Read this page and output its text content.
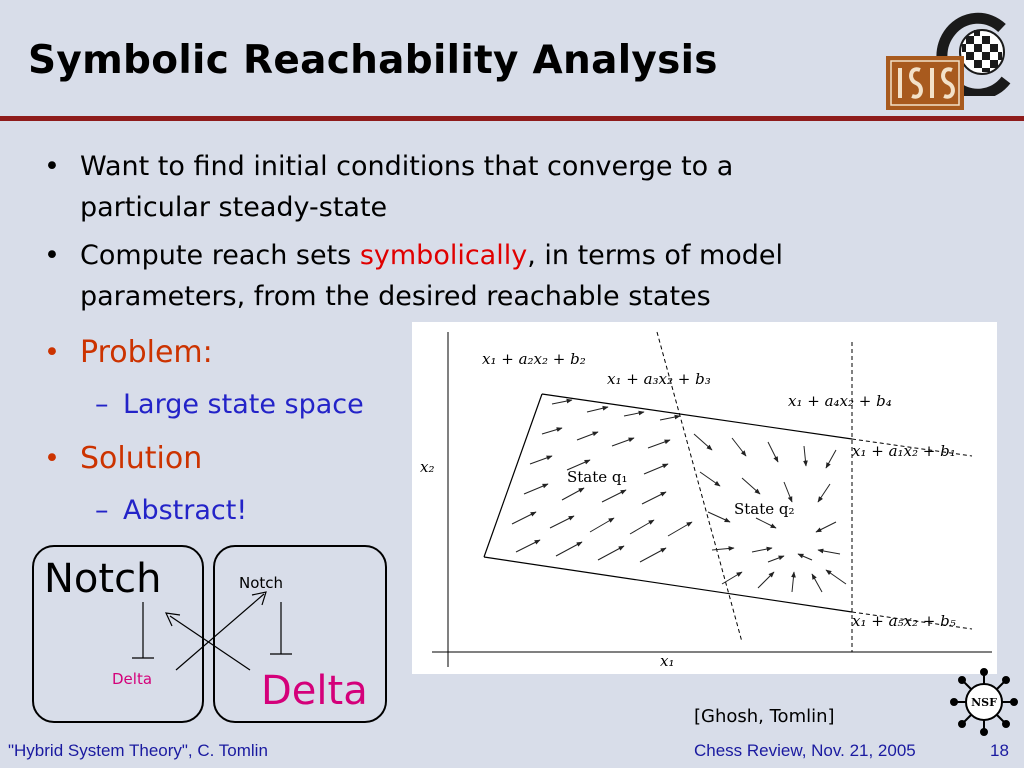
Symbolic Reachability Analysis
• Want to find initial conditions that converge to a
particular steady-state
• Compute reach sets symbolically, in terms of model
parameters, from the desired reachable states
• Problem:
– Large state space
• Solution
– Abstract!
x₁ + a₂x₂ + b₂
x₁ + a₃x₂ + b₃
x₁ + a₄x₂ + b₄
x₁ + a₁x₂ + b₁
x₁ + a₅x₂ + b₅
x₂
x₁
State q₁
State q₂
Notch
Delta
Notch
Delta
[Ghosh, Tomlin]
NSF
"Hybrid System Theory", C. Tomlin	Chess Review, Nov. 21, 2005	18
